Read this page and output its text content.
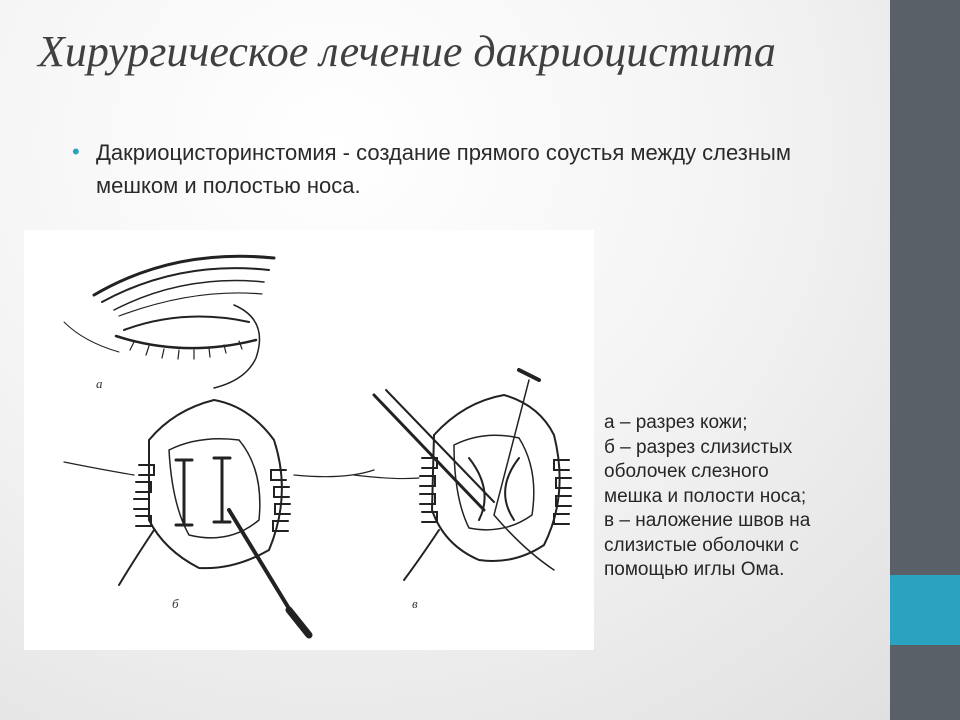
Хирургическое лечение дакриоцистита
• Дакриоцисторинстомия - создание прямого соустья между слезным мешком и полостью носа.
а
б	в
а – разрез кожи;
б – разрез слизистых
оболочек слезного
мешка и полости носа;
в – наложение швов на
слизистые оболочки с
помощью иглы Ома.
